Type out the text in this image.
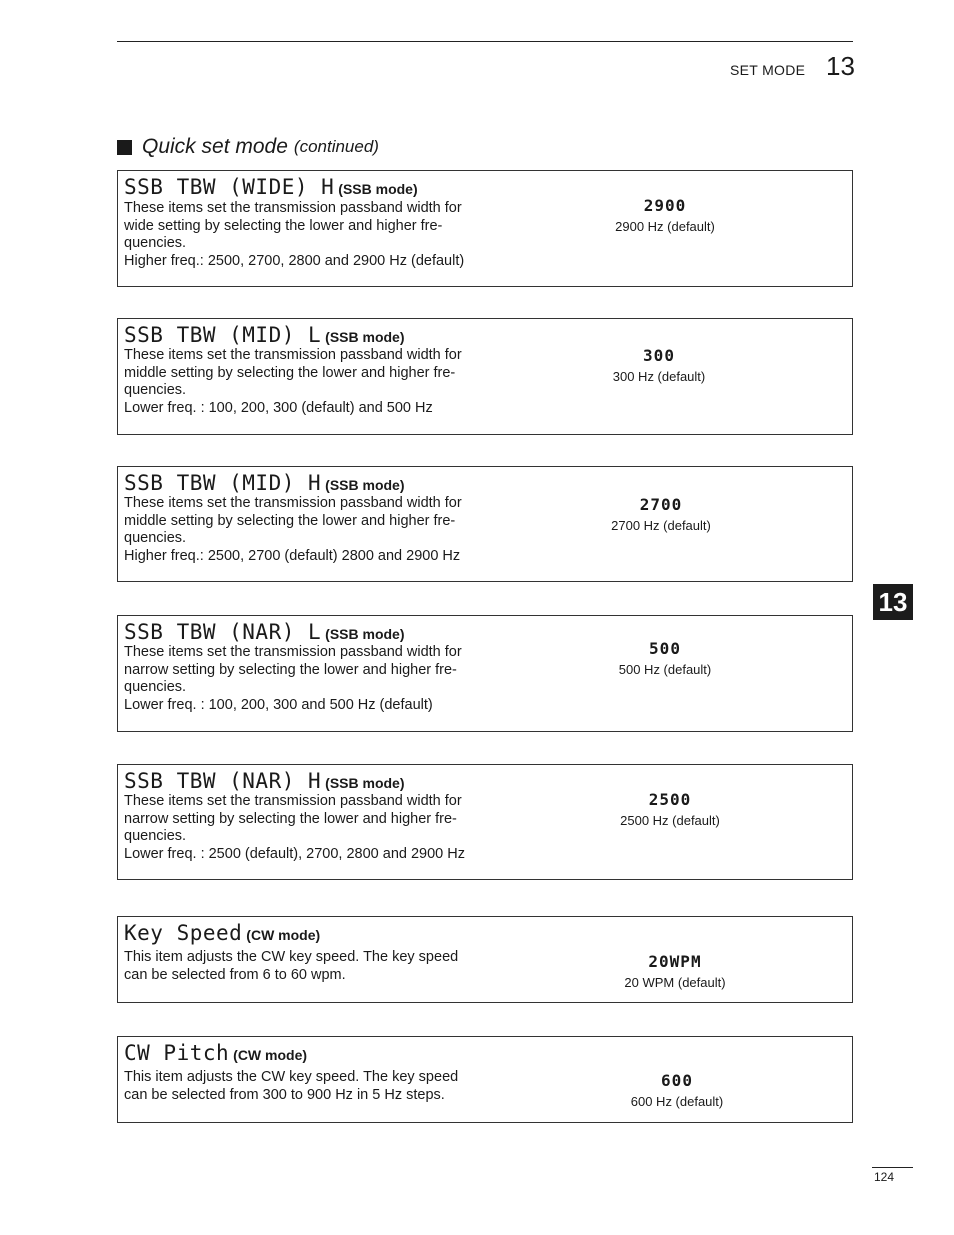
SET MODE 13
Quick set mode (continued)
SSB TBW (WIDE) H (SSB mode)

These items set the transmission passband width for

wide setting by selecting the lower and higher fre-

quencies.

Higher freq.: 2500, 2700, 2800 and 2900 Hz (default)

2900
2900 Hz (default)
SSB TBW (MID) L (SSB mode)

These items set the transmission passband width for

middle setting by selecting the lower and higher fre-

quencies.

Lower freq. : 100, 200, 300 (default) and 500 Hz

300
300 Hz (default)
SSB TBW (MID) H (SSB mode)

These items set the transmission passband width for

middle setting by selecting the lower and higher fre-

quencies.

Higher freq.: 2500, 2700 (default) 2800 and 2900 Hz

2700
2700 Hz (default)
SSB TBW (NAR) L (SSB mode)

These items set the transmission passband width for

narrow setting by selecting the lower and higher fre-

quencies.

Lower freq. : 100, 200, 300 and 500 Hz (default)

500
500 Hz (default)
SSB TBW (NAR) H (SSB mode)

These items set the transmission passband width for

narrow setting by selecting the lower and higher fre-

quencies.

Lower freq. : 2500 (default), 2700, 2800 and 2900 Hz

2500
2500 Hz (default)
Key Speed (CW mode)

This item adjusts the CW key speed. The key speed

can be selected from 6 to 60 wpm.

20WPM
20 WPM (default)
CW Pitch (CW mode)

This item adjusts the CW key speed. The key speed

can be selected from 300 to 900 Hz in 5 Hz steps.

600
600 Hz (default)
13
124
